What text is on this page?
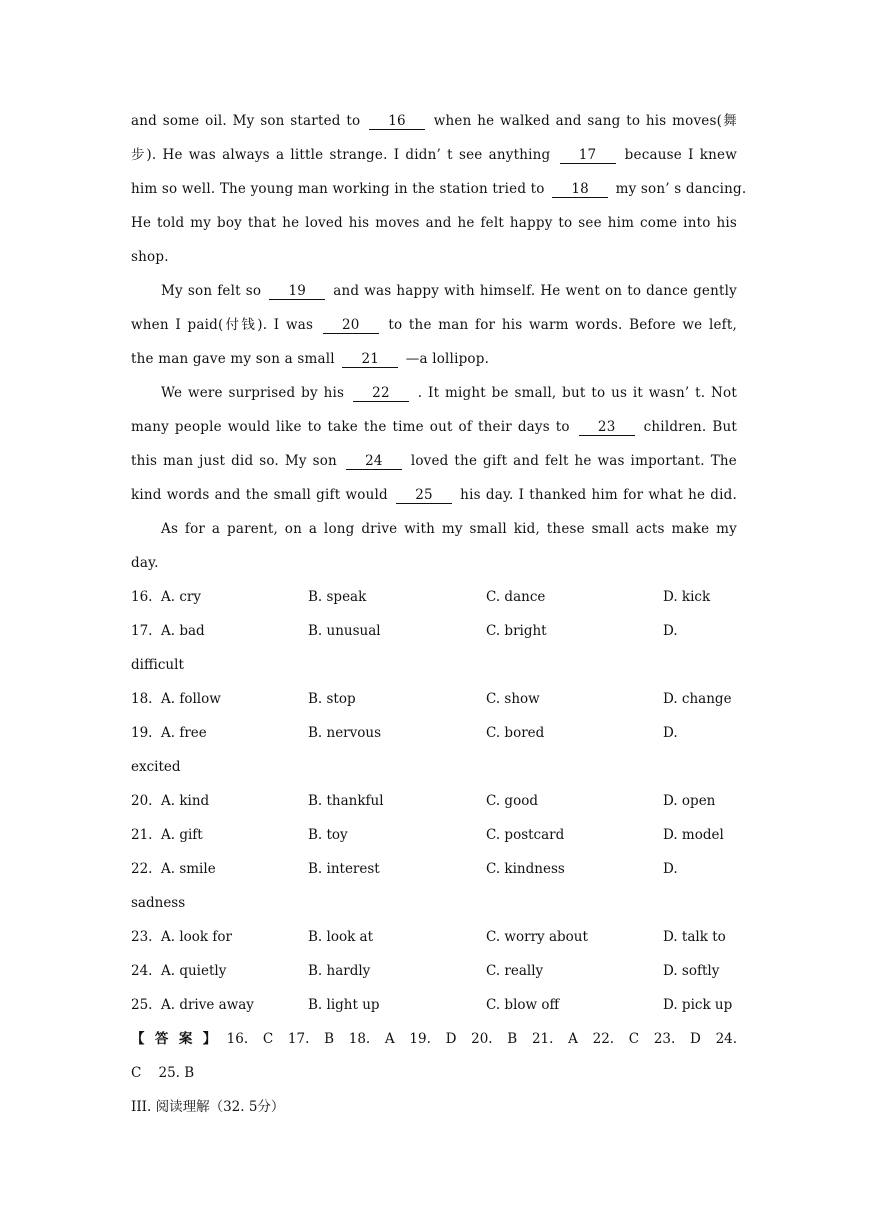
and some oil. My son started to 16 when he walked and sang to his moves(舞
步). He was always a little strange. I didn’ t see anything 17 because I knew
him so well. The young man working in the station tried to 18 my son’ s dancing.
He told my boy that he loved his moves and he felt happy to see him come into his
shop.
My son felt so 19 and was happy with himself. He went on to dance gently
when I paid(付钱). I was 20 to the man for his warm words. Before we left,
the man gave my son a small 21 —a lollipop.
We were surprised by his 22 . It might be small, but to us it wasn’ t. Not
many people would like to take the time out of their days to 23 children. But
this man just did so. My son 24 loved the gift and felt he was important. The
kind words and the small gift would 25 his day. I thanked him for what he did.
As for a parent, on a long drive with my small kid, these small acts make my
day.
16. A. cry	B. speak	C. dance	D. kick
17. A. bad	B. unusual	C. bright	D.
difficult
18. A. follow	B. stop	C. show	D. change
19. A. free	B. nervous	C. bored	D.
excited
20. A. kind	B. thankful	C. good	D. open
21. A. gift	B. toy	C. postcard	D. model
22. A. smile	B. interest	C. kindness	D.
sadness
23. A. look for	B. look at	C. worry about	D. talk to
24. A. quietly	B. hardly	C. really	D. softly
25. A. drive away	B. light up	C. blow off	D. pick up
【答案】16. C 17. B 18. A 19. D 20. B 21. A 22. C 23. D 24.
C    25. B
III. 阅读理解（32. 5分）
